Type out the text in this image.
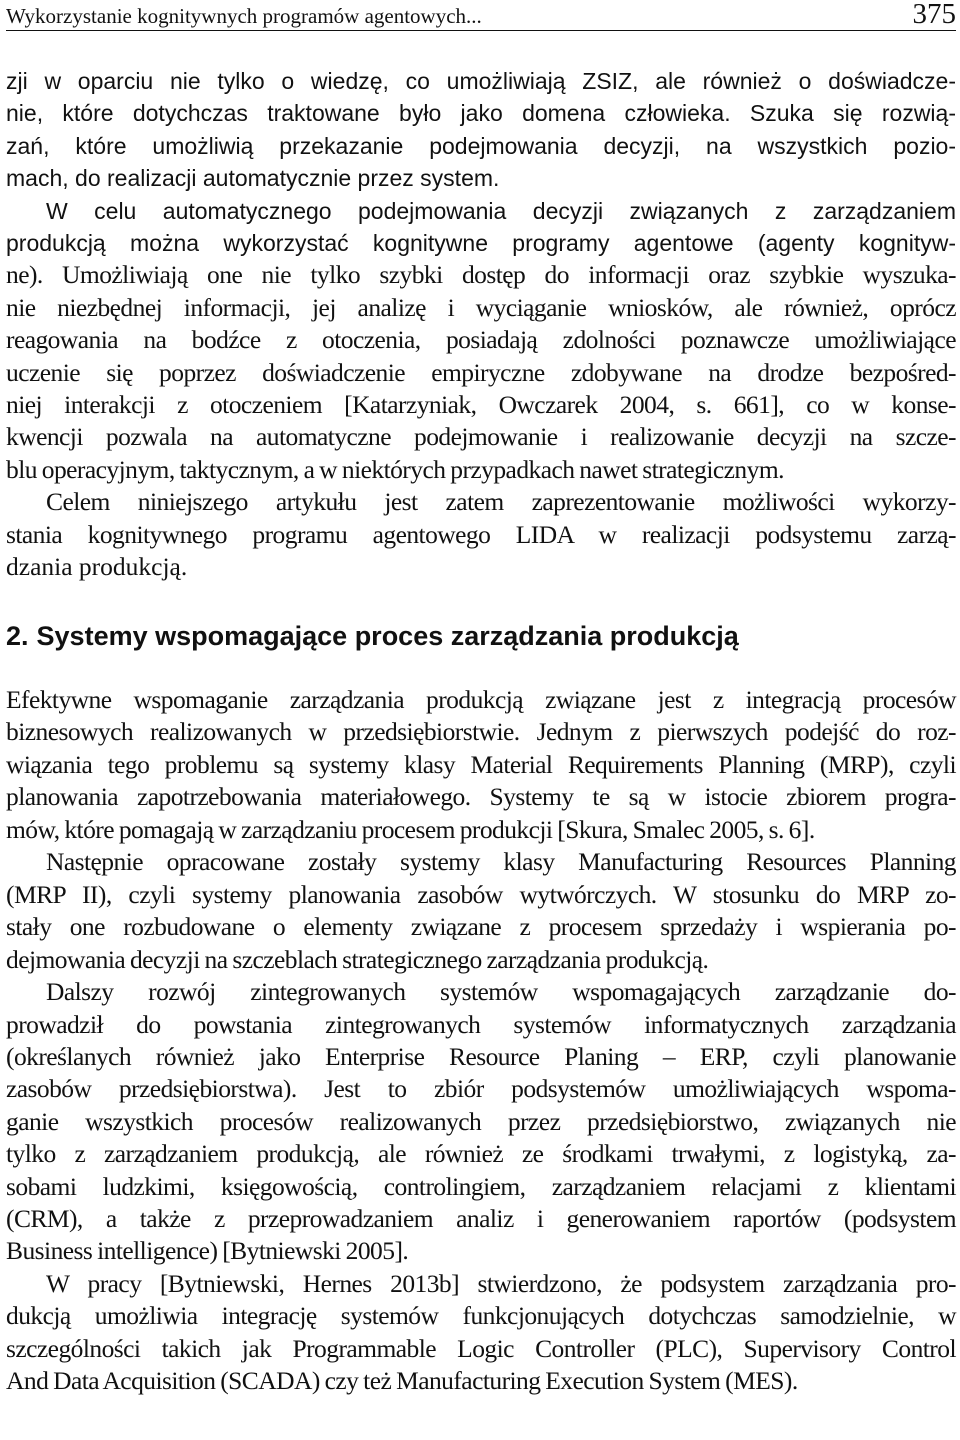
Wykorzystanie kognitywnych programów agentowych...	375

zji w oparciu nie tylko o wiedzę, co umożliwiają ZSIZ, ale również o doświadcze-

nie, które dotychczas traktowane było jako domena człowieka. Szuka się rozwią-

zań, które umożliwią przekazanie podejmowania decyzji, na wszystkich pozio-

mach, do realizacji automatycznie przez system.

W celu automatycznego podejmowania decyzji związanych z zarządzaniem

produkcją można wykorzystać kognitywne programy agentowe (agenty kognityw-

ne). Umożliwiają one nie tylko szybki dostęp do informacji oraz szybkie wyszuka-

nie niezbędnej informacji, jej analizę i wyciąganie wniosków, ale również, oprócz

reagowania na bodźce z otoczenia, posiadają zdolności poznawcze umożliwiające

uczenie się poprzez doświadczenie empiryczne zdobywane na drodze bezpośred-

niej interakcji z otoczeniem [Katarzyniak, Owczarek 2004, s. 661], co w konse-

kwencji pozwala na automatyczne podejmowanie i realizowanie decyzji na szcze-

blu operacyjnym, taktycznym, a w niektórych przypadkach nawet strategicznym.

Celem niniejszego artykułu jest zatem zaprezentowanie możliwości wykorzy-

stania kognitywnego programu agentowego LIDA w realizacji podsystemu zarzą-

dzania produkcją.

2. Systemy wspomagające proces zarządzania produkcją

Efektywne wspomaganie zarządzania produkcją związane jest z integracją procesów

biznesowych realizowanych w przedsiębiorstwie. Jednym z pierwszych podejść do roz-

wiązania tego problemu są systemy klasy Material Requirements Planning (MRP), czyli

planowania zapotrzebowania materiałowego. Systemy te są w istocie zbiorem progra-

mów, które pomagają w zarządzaniu procesem produkcji [Skura, Smalec 2005, s. 6].

Następnie opracowane zostały systemy klasy Manufacturing Resources Planning

(MRP II), czyli systemy planowania zasobów wytwórczych. W stosunku do MRP zo-

stały one rozbudowane o elementy związane z procesem sprzedaży i wspierania po-

dejmowania decyzji na szczeblach strategicznego zarządzania produkcją.

Dalszy rozwój zintegrowanych systemów wspomagających zarządzanie do-

prowadził do powstania zintegrowanych systemów informatycznych zarządzania

(określanych również jako Enterprise Resource Planing – ERP, czyli planowanie

zasobów przedsiębiorstwa). Jest to zbiór podsystemów umożliwiających wspoma-

ganie wszystkich procesów realizowanych przez przedsiębiorstwo, związanych nie

tylko z zarządzaniem produkcją, ale również ze środkami trwałymi, z logistyką, za-

sobami ludzkimi, księgowością, controlingiem, zarządzaniem relacjami z klientami

(CRM), a także z przeprowadzaniem analiz i generowaniem raportów (podsystem

Business intelligence) [Bytniewski 2005].

W pracy [Bytniewski, Hernes 2013b] stwierdzono, że podsystem zarządzania pro-

dukcją umożliwia integrację systemów funkcjonujących dotychczas samodzielnie, w

szczególności takich jak Programmable Logic Controller (PLC), Supervisory Control

And Data Acquisition (SCADA) czy też Manufacturing Execution System (MES).
